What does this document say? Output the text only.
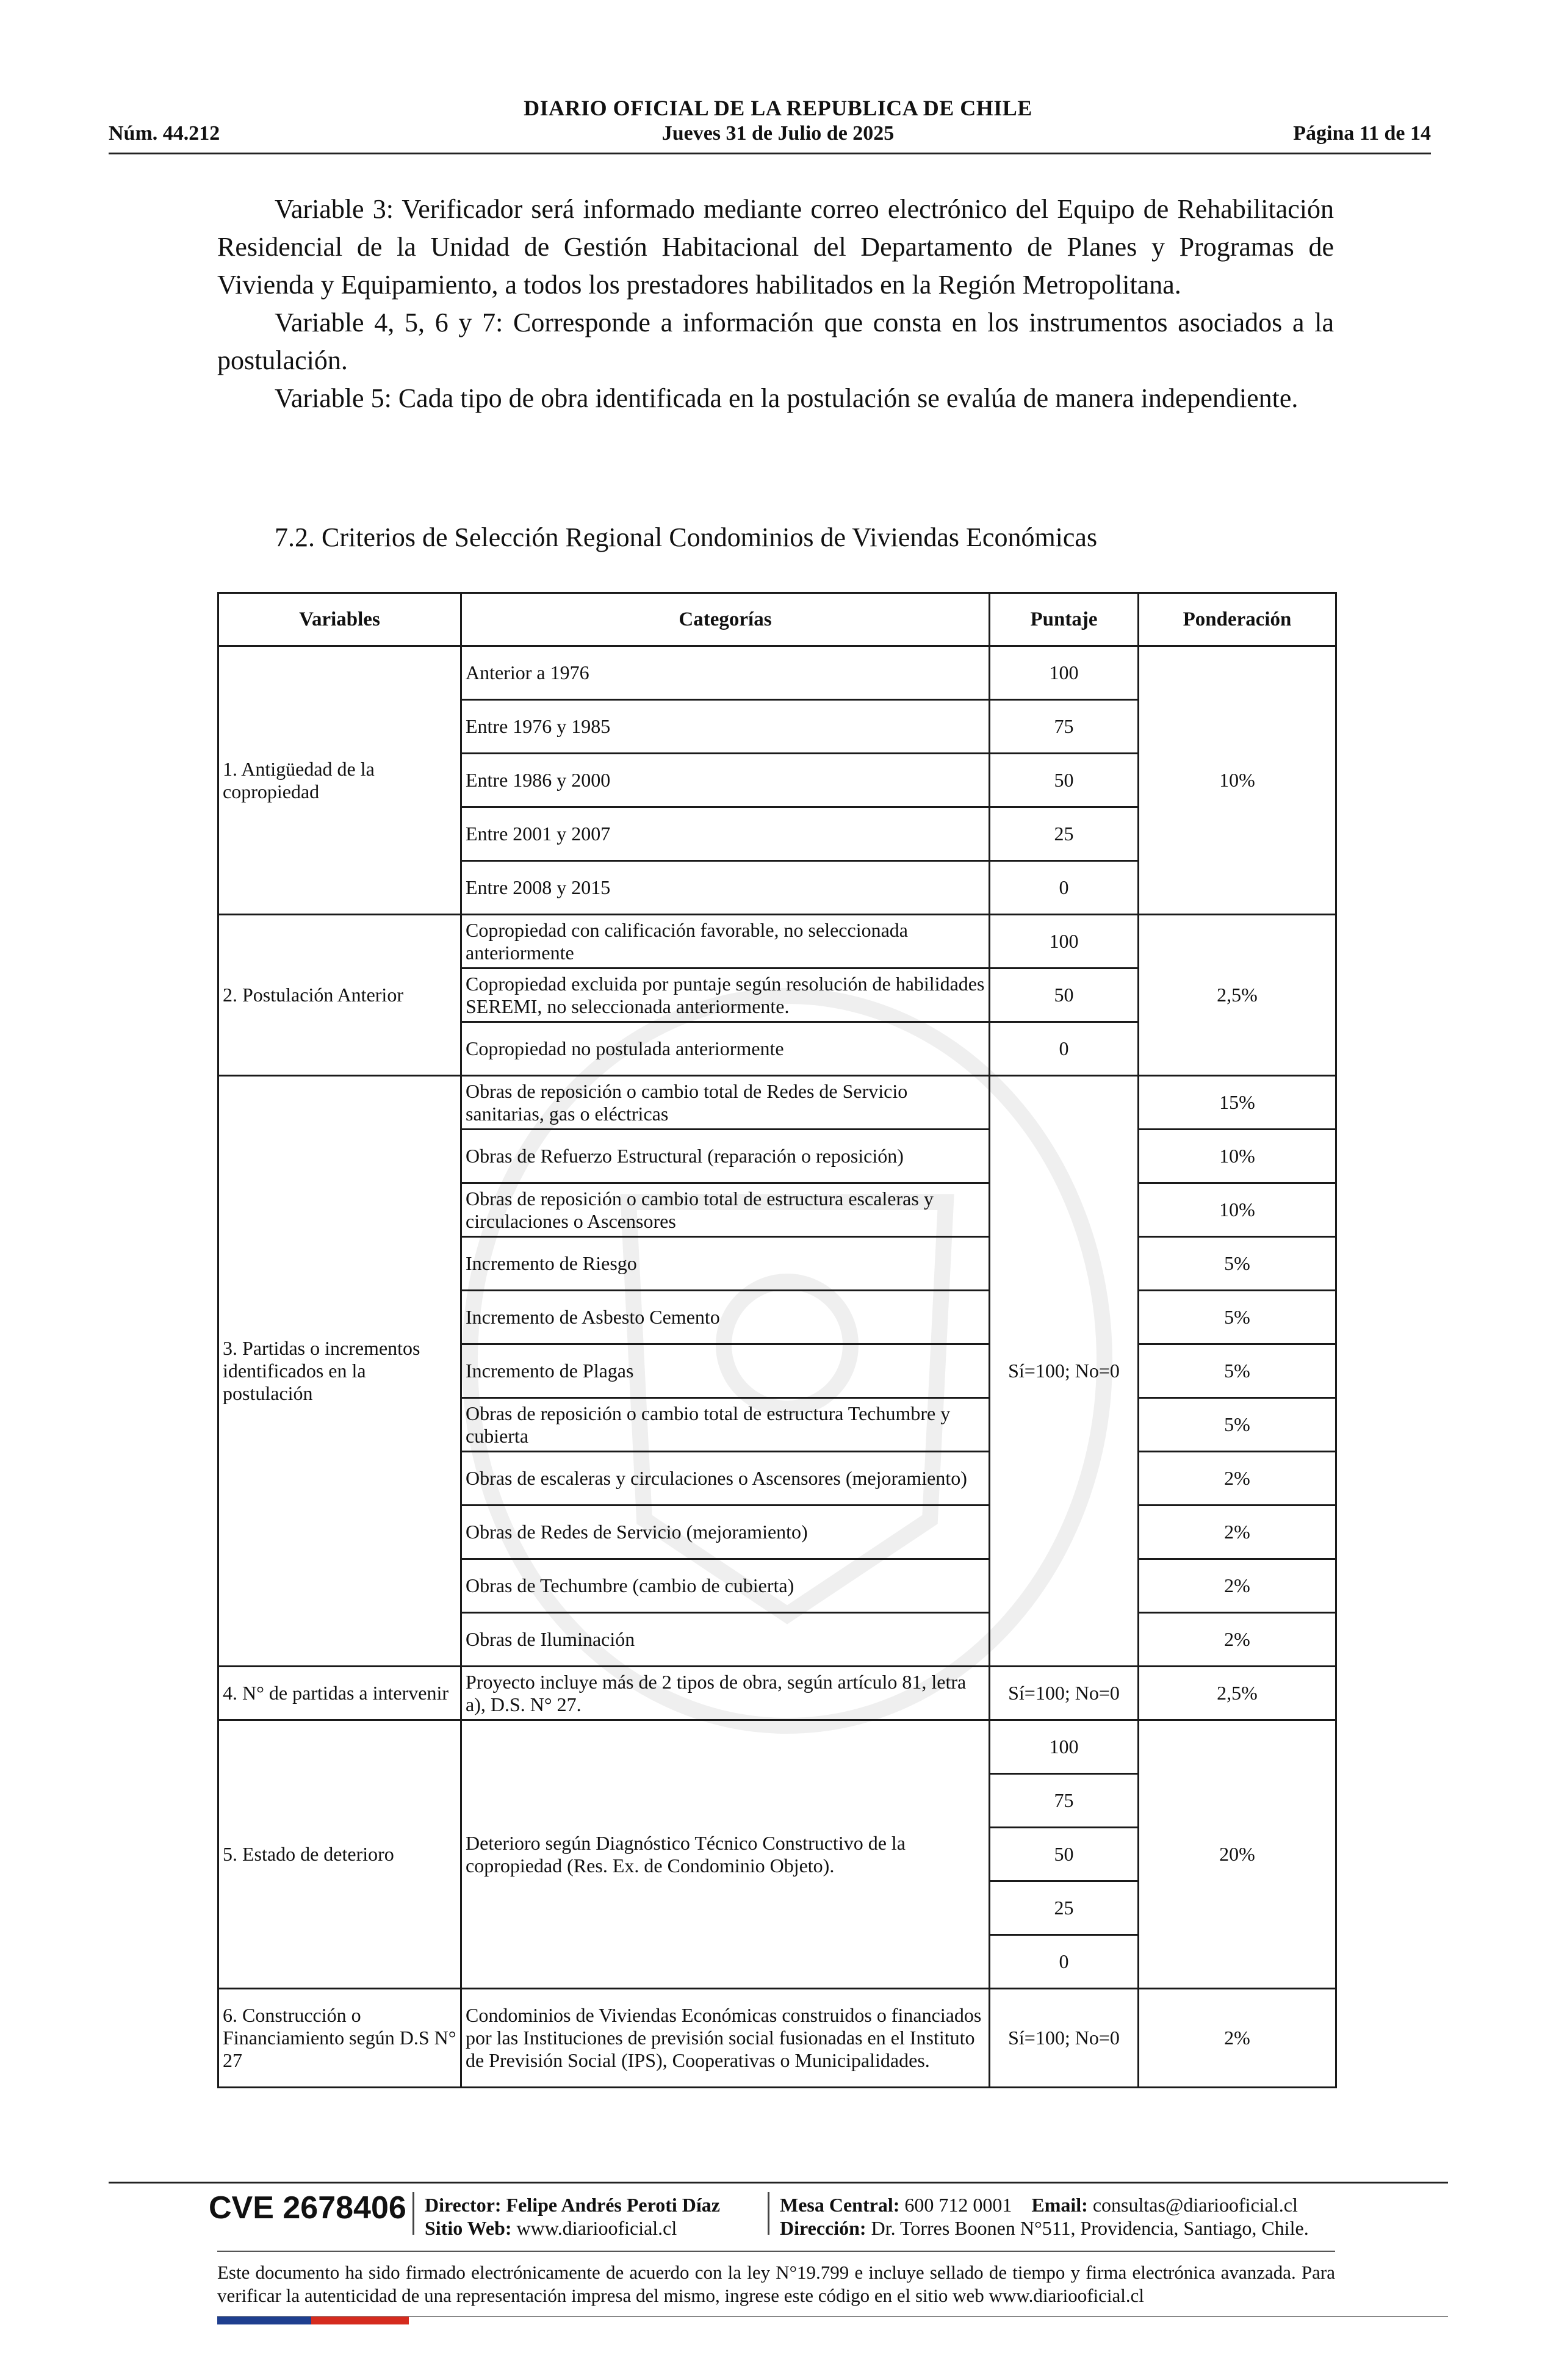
Núm. 44.212
DIARIO OFICIAL DE LA REPUBLICA DE CHILE
Jueves 31 de Julio de 2025	Página 11 de 14

Variable 3: Verificador será informado mediante correo electrónico del Equipo de Rehabilitación Residencial de la Unidad de Gestión Habitacional del Departamento de Planes y Programas de Vivienda y Equipamiento, a todos los prestadores habilitados en la Región Metropolitana.

Variable 4, 5, 6 y 7: Corresponde a información que consta en los instrumentos asociados a la postulación.

Variable 5: Cada tipo de obra identificada en la postulación se evalúa de manera independiente.

7.2. Criterios de Selección Regional Condominios de Viviendas Económicas
Variables	Categorías	Puntaje	Ponderación
1. Antigüedad de la copropiedad	Anterior a 1976	100	10%
	Entre 1976 y 1985	75	
	Entre 1986 y 2000	50	
	Entre 2001 y 2007	25	
	Entre 2008 y 2015	0	
2. Postulación Anterior	Copropiedad con calificación favorable, no seleccionada anteriormente	100	2,5%
	Copropiedad excluida por puntaje según resolución de habilidades SEREMI, no seleccionada anteriormente.	50	
	Copropiedad no postulada anteriormente	0	
3. Partidas o incrementos identificados en la postulación	Obras de reposición o cambio total de Redes de Servicio sanitarias, gas o eléctricas	Sí=100; No=0	15%
	Obras de Refuerzo Estructural (reparación o reposición)		10%
	Obras de reposición o cambio total de estructura escaleras y circulaciones o Ascensores		10%
	Incremento de Riesgo		5%
	Incremento de Asbesto Cemento		5%
	Incremento de Plagas		5%
	Obras de reposición o cambio total de estructura Techumbre y cubierta		5%
	Obras de escaleras y circulaciones o Ascensores (mejoramiento)		2%
	Obras de Redes de Servicio (mejoramiento)		2%
	Obras de Techumbre (cambio de cubierta)		2%
	Obras de Iluminación		2%
4. N° de partidas a intervenir	Proyecto incluye más de 2 tipos de obra, según artículo 81, letra a), D.S. N° 27.	Sí=100; No=0	2,5%
5. Estado de deterioro	Deterioro según Diagnóstico Técnico Constructivo de la copropiedad (Res. Ex. de Condominio Objeto).	100	20%
		75	
		50	
		25	
		0	
6. Construcción o Financiamiento según D.S N° 27	Condominios de Viviendas Económicas construidos o financiados por las Instituciones de previsión social fusionadas en el Instituto de Previsión Social (IPS), Cooperativas o Municipalidades.	Sí=100; No=0	2%
CVE 2678406 Director: Felipe Andrés Peroti Díaz
Sitio Web: www.diariooficial.cl
Mesa Central: 600 712 0001 Email: consultas@diariooficial.cl
Dirección: Dr. Torres Boonen N°511, Providencia, Santiago, Chile.
Este documento ha sido firmado electrónicamente de acuerdo con la ley N°19.799 e incluye sellado de tiempo y firma electrónica avanzada. Para verificar la autenticidad de una representación impresa del mismo, ingrese este código en el sitio web www.diariooficial.cl
